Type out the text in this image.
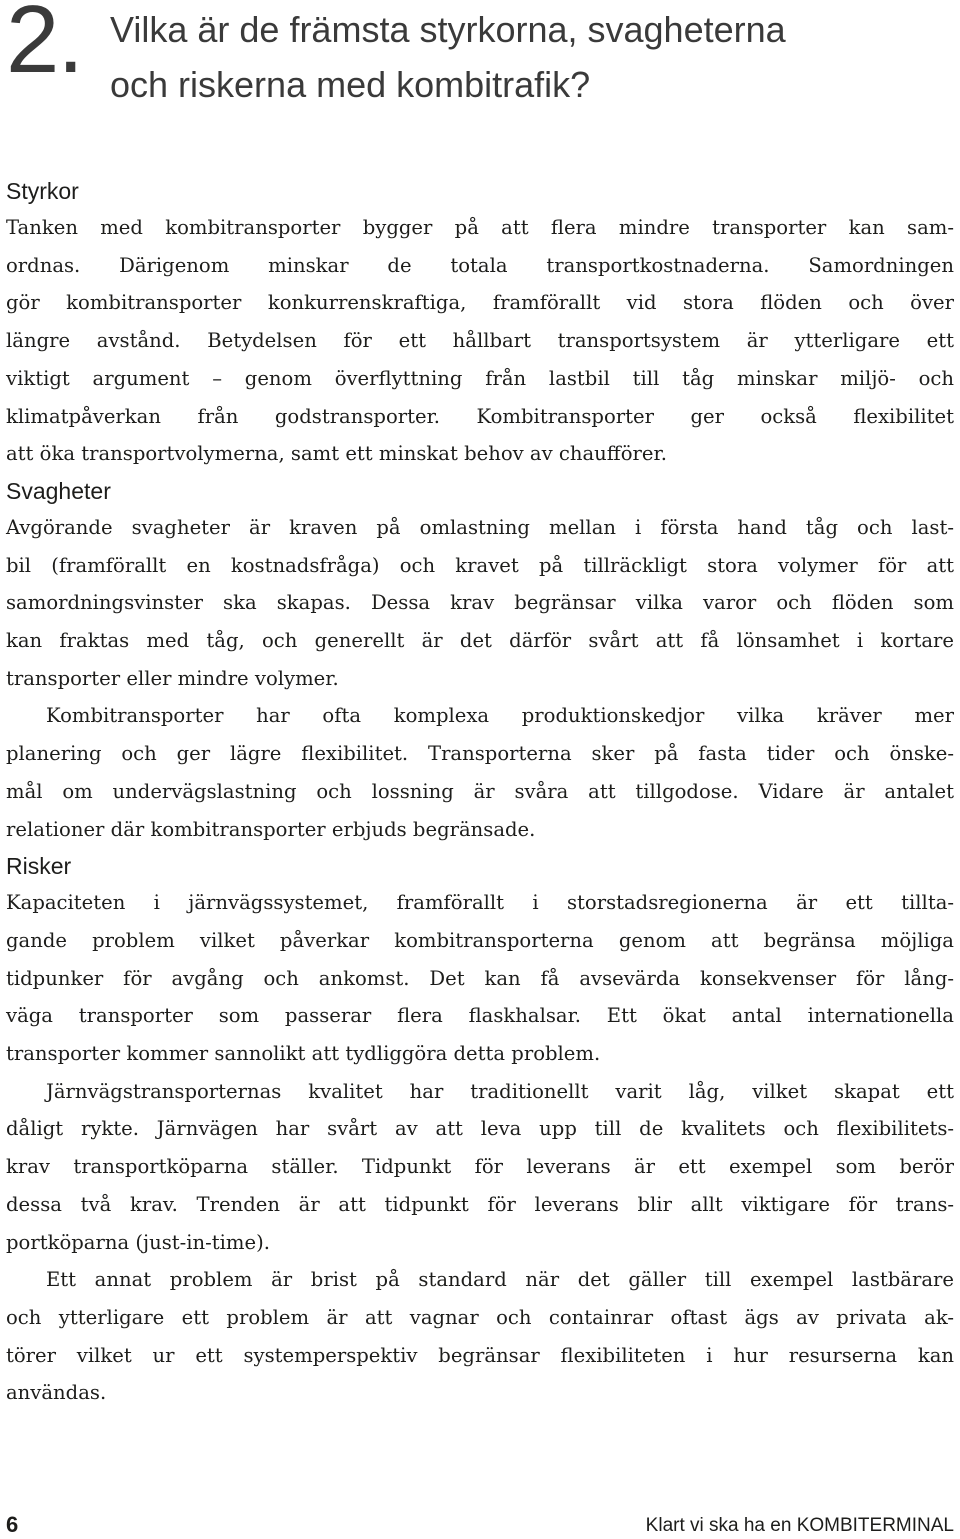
2. Vilka är de främsta styrkorna, svagheterna
och riskerna med kombitrafik?
Styrkor

Tanken med kombitransporter bygger på att flera mindre transporter kan sam-
ordnas. Därigenom minskar de totala transportkostnaderna. Samordningen
gör kombitransporter konkurrenskraftiga, framförallt vid stora flöden och över
längre avstånd. Betydelsen för ett hållbart transportsystem är ytterligare ett
viktigt argument – genom överflyttning från lastbil till tåg minskar miljö- och
klimatpåverkan från godstransporter. Kombitransporter ger också flexibilitet
att öka transportvolymerna, samt ett minskat behov av chaufförer.

Svagheter

Avgörande svagheter är kraven på omlastning mellan i första hand tåg och last-
bil (framförallt en kostnadsfråga) och kravet på tillräckligt stora volymer för att
samordningsvinster ska skapas. Dessa krav begränsar vilka varor och flöden som
kan fraktas med tåg, och generellt är det därför svårt att få lönsamhet i kortare
transporter eller mindre volymer.

Kombitransporter har ofta komplexa produktionskedjor vilka kräver mer
planering och ger lägre flexibilitet. Transporterna sker på fasta tider och önske-
mål om undervägslastning och lossning är svåra att tillgodose. Vidare är antalet
relationer där kombitransporter erbjuds begränsade.

Risker

Kapaciteten i järnvägssystemet, framförallt i storstadsregionerna är ett tillta-
gande problem vilket påverkar kombitransporterna genom att begränsa möjliga
tidpunker för avgång och ankomst. Det kan få avsevärda konsekvenser för lång-
väga transporter som passerar flera flaskhalsar. Ett ökat antal internationella
transporter kommer sannolikt att tydliggöra detta problem.

Järnvägstransporternas kvalitet har traditionellt varit låg, vilket skapat ett
dåligt rykte. Järnvägen har svårt av att leva upp till de kvalitets och flexibilitets-
krav transportköparna ställer. Tidpunkt för leverans är ett exempel som berör
dessa två krav. Trenden är att tidpunkt för leverans blir allt viktigare för trans-
portköparna (just-in-time).

Ett annat problem är brist på standard när det gäller till exempel lastbärare
och ytterligare ett problem är att vagnar och containrar oftast ägs av privata ak-
törer vilket ur ett systemperspektiv begränsar flexibiliteten i hur resurserna kan
användas.

6	Klart vi ska ha en KOMBITERMINAL
